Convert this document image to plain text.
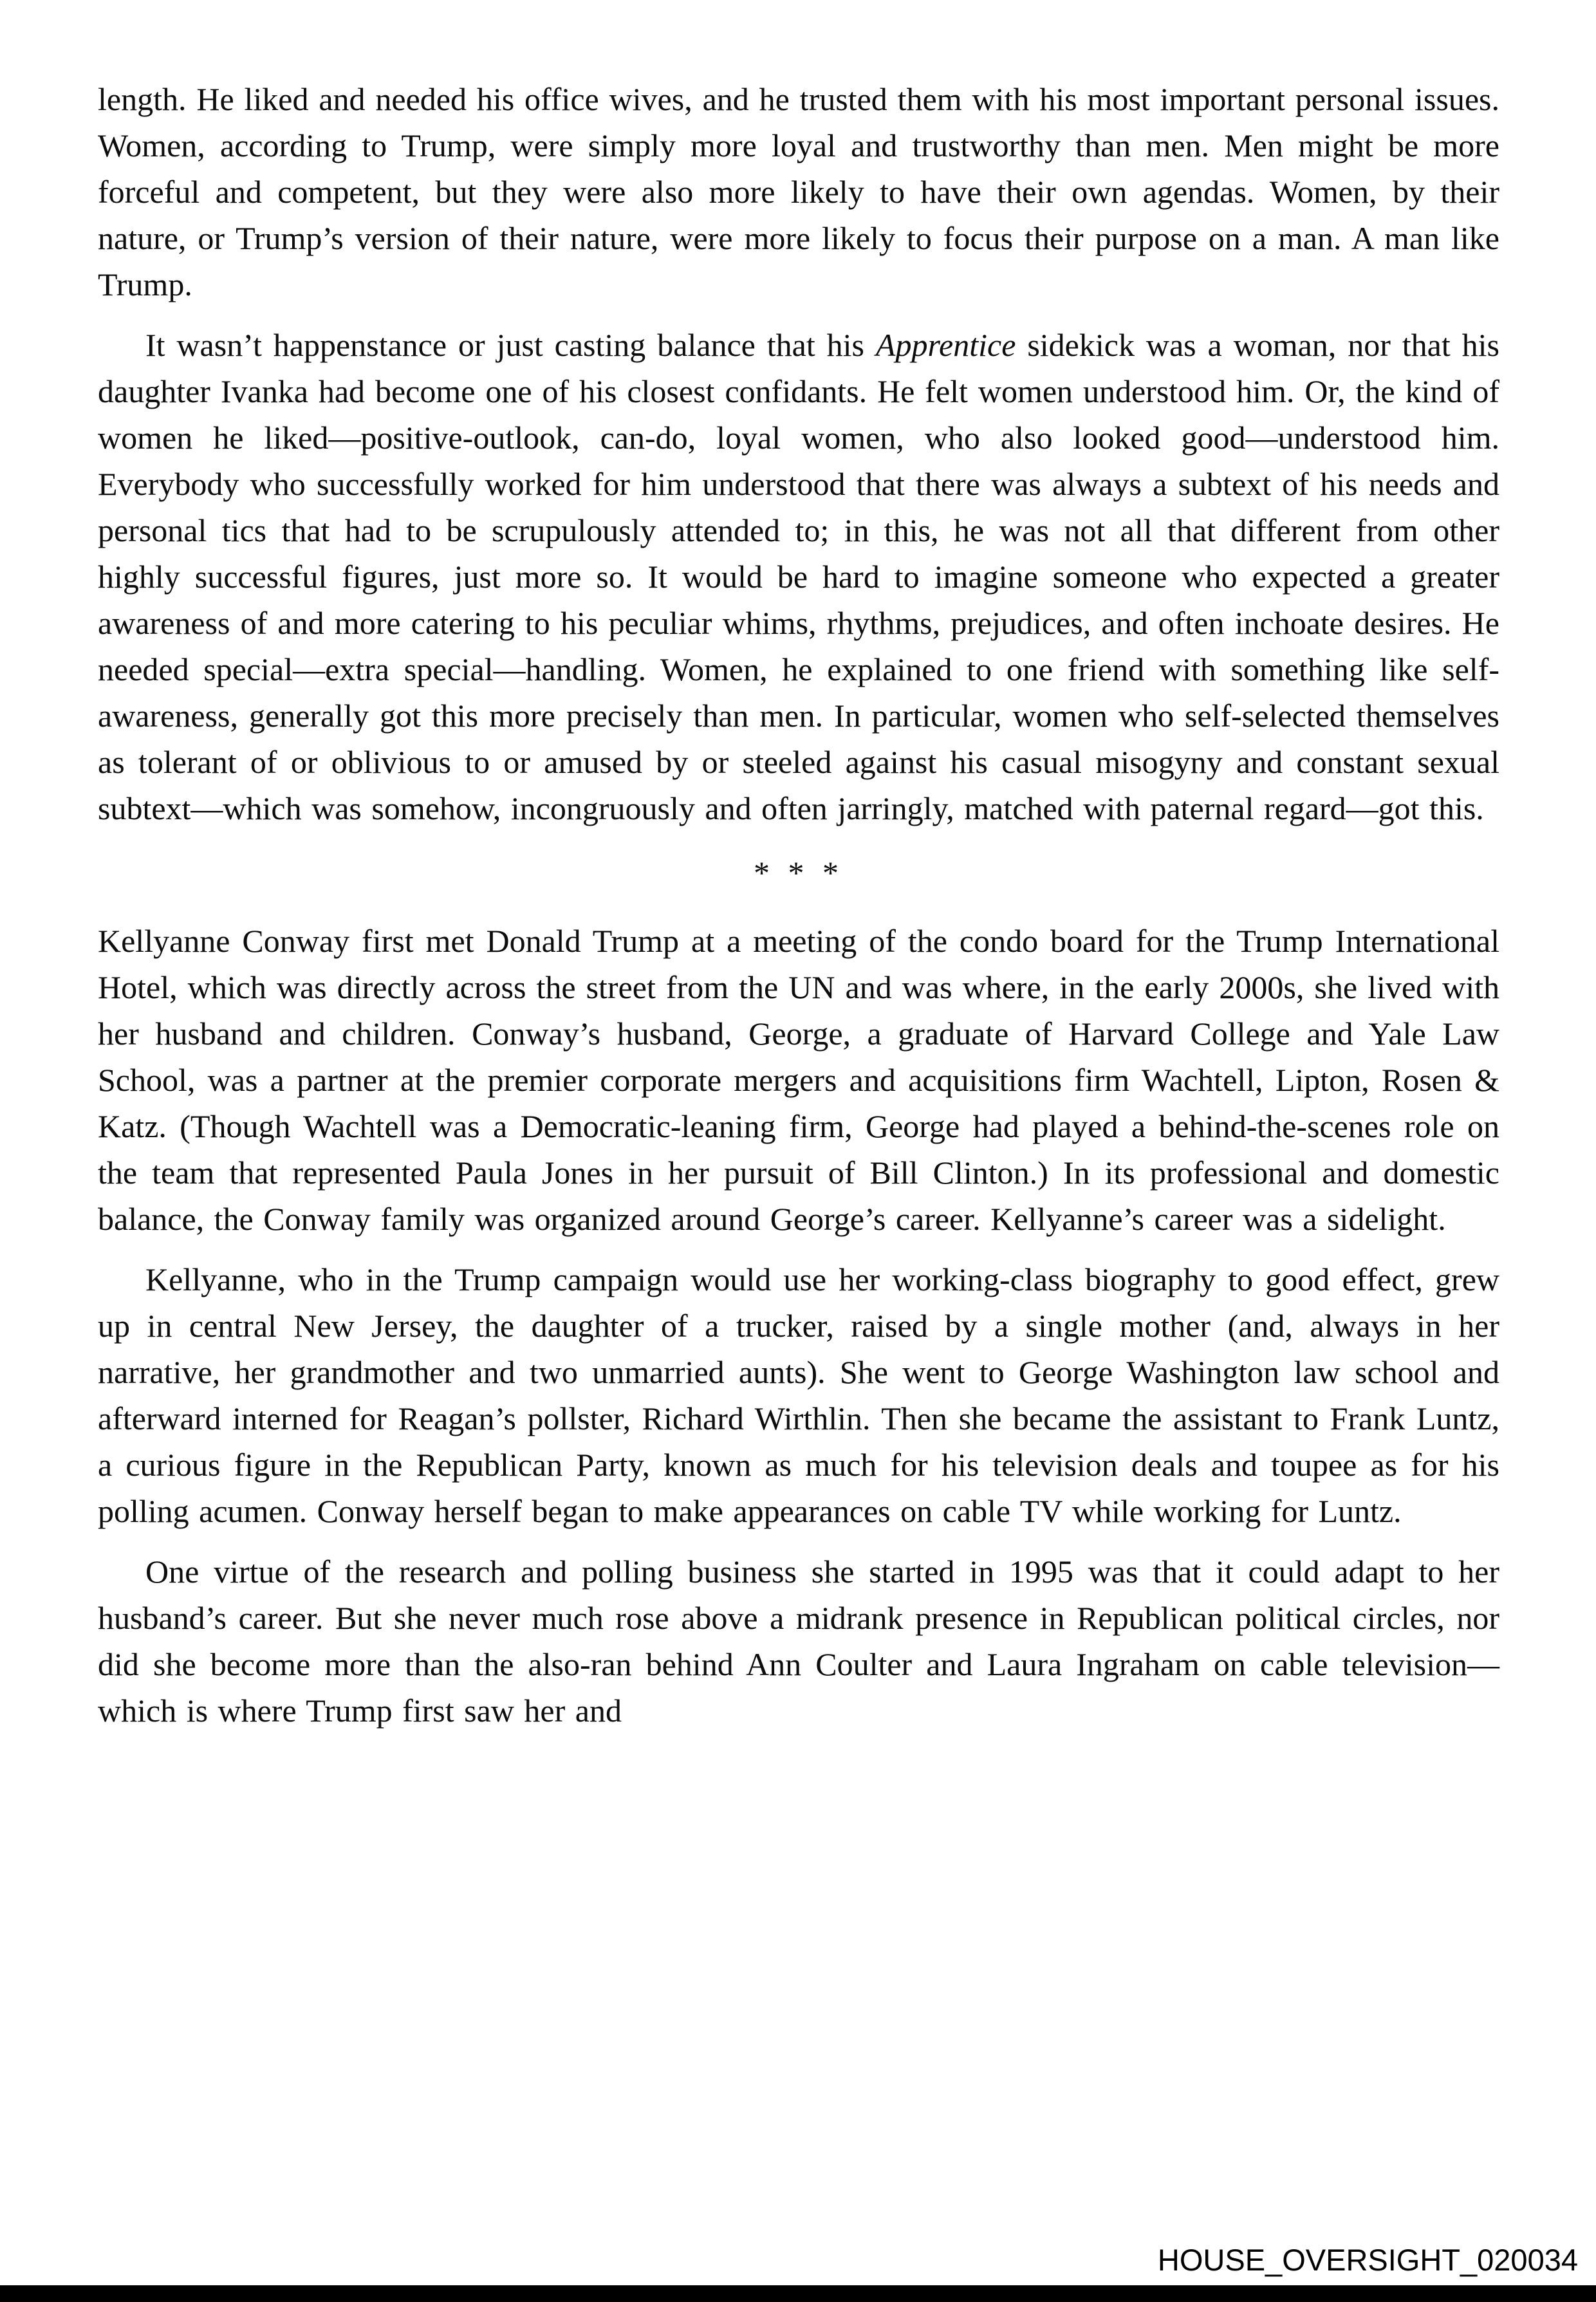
length. He liked and needed his office wives, and he trusted them with his most important personal issues. Women, according to Trump, were simply more loyal and trustworthy than men. Men might be more forceful and competent, but they were also more likely to have their own agendas. Women, by their nature, or Trump’s version of their nature, were more likely to focus their purpose on a man. A man like Trump.

It wasn’t happenstance or just casting balance that his Apprentice sidekick was a woman, nor that his daughter Ivanka had become one of his closest confidants. He felt women understood him. Or, the kind of women he liked—positive-outlook, can-do, loyal women, who also looked good—understood him. Everybody who successfully worked for him understood that there was always a subtext of his needs and personal tics that had to be scrupulously attended to; in this, he was not all that different from other highly successful figures, just more so. It would be hard to imagine someone who expected a greater awareness of and more catering to his peculiar whims, rhythms, prejudices, and often inchoate desires. He needed special—extra special—handling. Women, he explained to one friend with something like self-awareness, generally got this more precisely than men. In particular, women who self-selected themselves as tolerant of or oblivious to or amused by or steeled against his casual misogyny and constant sexual subtext—which was somehow, incongruously and often jarringly, matched with paternal regard—got this.

* * *

Kellyanne Conway first met Donald Trump at a meeting of the condo board for the Trump International Hotel, which was directly across the street from the UN and was where, in the early 2000s, she lived with her husband and children. Conway’s husband, George, a graduate of Harvard College and Yale Law School, was a partner at the premier corporate mergers and acquisitions firm Wachtell, Lipton, Rosen & Katz. (Though Wachtell was a Democratic-leaning firm, George had played a behind-the-scenes role on the team that represented Paula Jones in her pursuit of Bill Clinton.) In its professional and domestic balance, the Conway family was organized around George’s career. Kellyanne’s career was a sidelight.

Kellyanne, who in the Trump campaign would use her working-class biography to good effect, grew up in central New Jersey, the daughter of a trucker, raised by a single mother (and, always in her narrative, her grandmother and two unmarried aunts). She went to George Washington law school and afterward interned for Reagan’s pollster, Richard Wirthlin. Then she became the assistant to Frank Luntz, a curious figure in the Republican Party, known as much for his television deals and toupee as for his polling acumen. Conway herself began to make appearances on cable TV while working for Luntz.

One virtue of the research and polling business she started in 1995 was that it could adapt to her husband’s career. But she never much rose above a midrank presence in Republican political circles, nor did she become more than the also-ran behind Ann Coulter and Laura Ingraham on cable television—which is where Trump first saw her and

HOUSE_OVERSIGHT_020034
